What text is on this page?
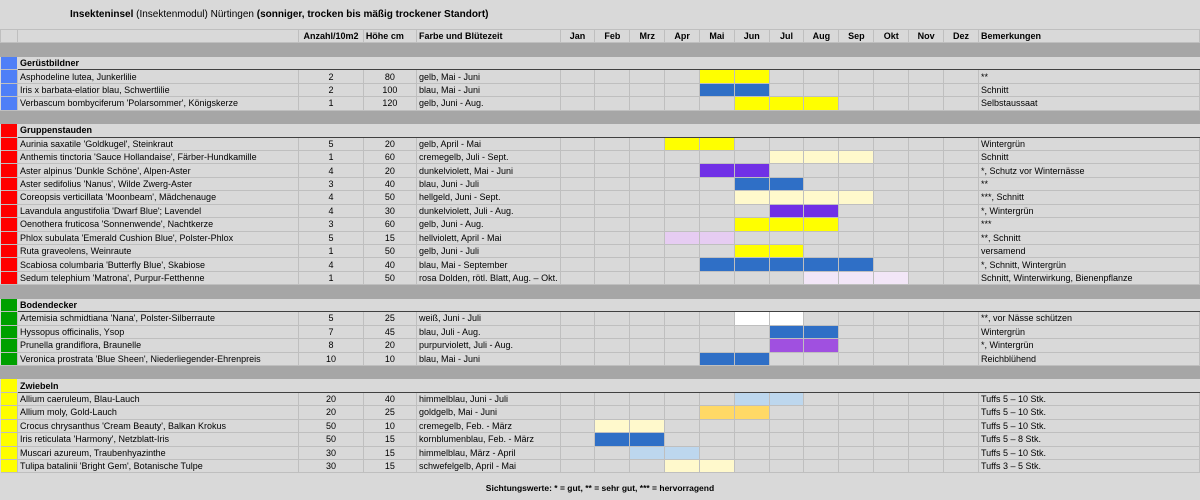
Insekteninsel (Insektenmodul) Nürtingen (sonniger, trocken bis mäßig trockener Standort)
		Anzahl/10m2	Höhe cm	Farbe und Blütezeit	Jan	Feb	Mrz	Apr	Mai	Jun	Jul	Aug	Sep	Okt	Nov	Dez	Bemerkungen

	Gerüstbildner																
	Asphodeline lutea, Junkerlilie	2	80	gelb, Mai - Juni													**
	Iris x barbata-elatior blau, Schwertlilie	2	100	blau, Mai - Juni													Schnitt
	Verbascum bombyciferum 'Polarsommer', Königskerze	1	120	gelb, Juni - Aug.													Selbstaussaat

	Gruppenstauden																
	Aurinia saxatile 'Goldkugel', Steinkraut	5	20	gelb, April - Mai													Wintergrün
	Anthemis tinctoria 'Sauce Hollandaise', Färber-Hundkamille	1	60	cremegelb, Juli - Sept.													Schnitt
	Aster alpinus 'Dunkle Schöne', Alpen-Aster	4	20	dunkelviolett, Mai - Juni													*, Schutz vor Winternässe
	Aster sedifolius 'Nanus', Wilde Zwerg-Aster	3	40	blau, Juni - Juli													**
	Coreopsis verticillata 'Moonbeam', Mädchenauge	4	50	hellgeld, Juni - Sept.													***, Schnitt
	Lavandula angustifolia 'Dwarf Blue'; Lavendel	4	30	dunkelviolett, Juli - Aug.													*, Wintergrün
	Oenothera fruticosa 'Sonnenwende', Nachtkerze	3	60	gelb, Juni - Aug.													***
	Phlox subulata 'Emerald Cushion Blue', Polster-Phlox	5	15	hellviolett, April - Mai													**, Schnitt
	Ruta graveolens, Weinraute	1	50	gelb, Juni - Juli													versamend
	Scabiosa columbaria 'Butterfly Blue', Skabiose	4	40	blau, Mai - September													*, Schnitt, Wintergrün
	Sedum telephium 'Matrona', Purpur-Fetthenne	1	50	rosa Dolden, rötl. Blatt, Aug. – Okt.													Schnitt, Winterwirkung, Bienenpflanze

	Bodendecker																
	Artemisia schmidtiana 'Nana', Polster-Silberraute	5	25	weiß, Juni - Juli													**, vor Nässe schützen
	Hyssopus officinalis, Ysop	7	45	blau, Juli - Aug.													Wintergrün
	Prunella grandiflora, Braunelle	8	20	purpurviolett, Juli - Aug.													*, Wintergrün
	Veronica prostrata 'Blue Sheen', Niederliegender-Ehrenpreis	10	10	blau, Mai - Juni													Reichblühend

	Zwiebeln																
	Allium caeruleum, Blau-Lauch	20	40	himmelblau, Juni - Juli													Tuffs 5 – 10 Stk.
	Allium moly, Gold-Lauch	20	25	goldgelb, Mai - Juni													Tuffs 5 – 10 Stk.
	Crocus chrysanthus 'Cream Beauty', Balkan Krokus	50	10	cremegelb, Feb. - März													Tuffs 5 – 10 Stk.
	Iris reticulata 'Harmony', Netzblatt-Iris	50	15	kornblumenblau, Feb. - März													Tuffs 5 – 8 Stk.
	Muscari azureum, Traubenhyazinthe	30	15	himmelblau, März - April													Tuffs 5 – 10 Stk.
	Tulipa batalinii 'Bright Gem', Botanische Tulpe	30	15	schwefelgelb, April - Mai													Tuffs 3 – 5 Stk.
Sichtungswerte: * = gut, ** = sehr gut, *** = hervorragend
